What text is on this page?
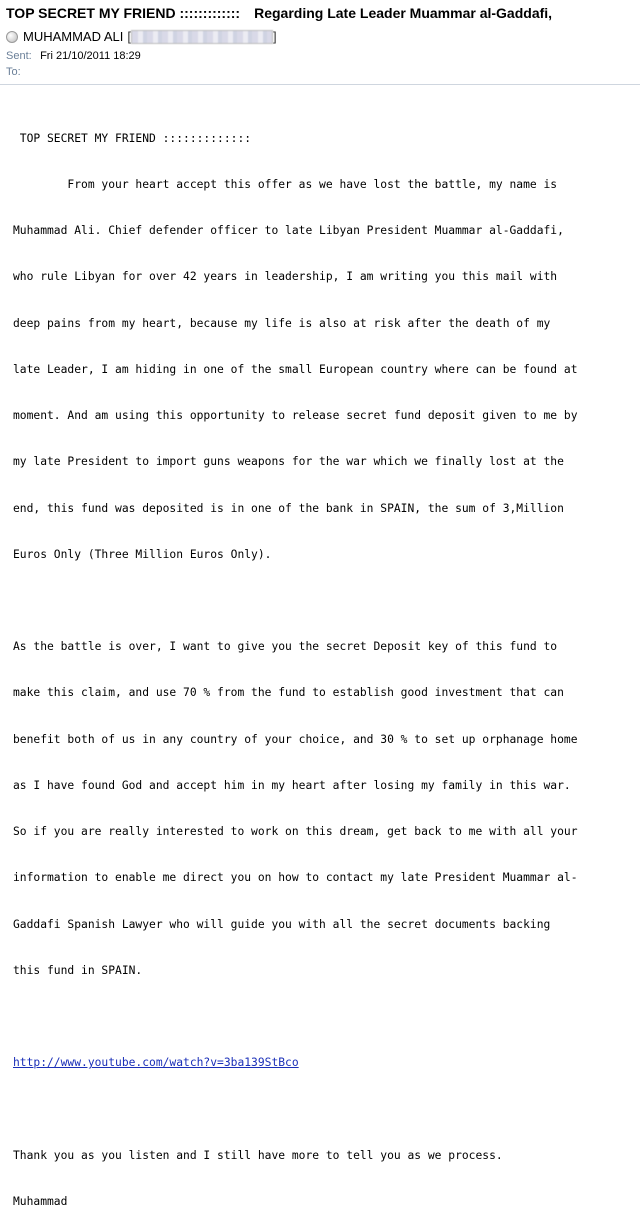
TOP SECRET MY FRIEND ::::::::::::: Regarding Late Leader Muammar al-Gaddafi,
MUHAMMAD ALI [	]
Sent: Fri 21/10/2011 18:29
To:

TOP SECRET MY FRIEND :::::::::::::

From your heart accept this offer as we have lost the battle, my name is

Muhammad Ali. Chief defender officer to late Libyan President Muammar al-Gaddafi,

who rule Libyan for over 42 years in leadership, I am writing you this mail with

deep pains from my heart, because my life is also at risk after the death of my

late Leader, I am hiding in one of the small European country where can be found at

moment. And am using this opportunity to release secret fund deposit given to me by

my late President to import guns weapons for the war which we finally lost at the

end, this fund was deposited is in one of the bank in SPAIN, the sum of 3,Million

Euros Only (Three Million Euros Only).

As the battle is over, I want to give you the secret Deposit key of this fund to

make this claim, and use 70 % from the fund to establish good investment that can

benefit both of us in any country of your choice, and 30 % to set up orphanage home

as I have found God and accept him in my heart after losing my family in this war.

So if you are really interested to work on this dream, get back to me with all your

information to enable me direct you on how to contact my late President Muammar al-

Gaddafi Spanish Lawyer who will guide you with all the secret documents backing

this fund in SPAIN.

http://www.youtube.com/watch?v=3ba139StBco

Thank you as you listen and I still have more to tell you as we process.

Muhammad
